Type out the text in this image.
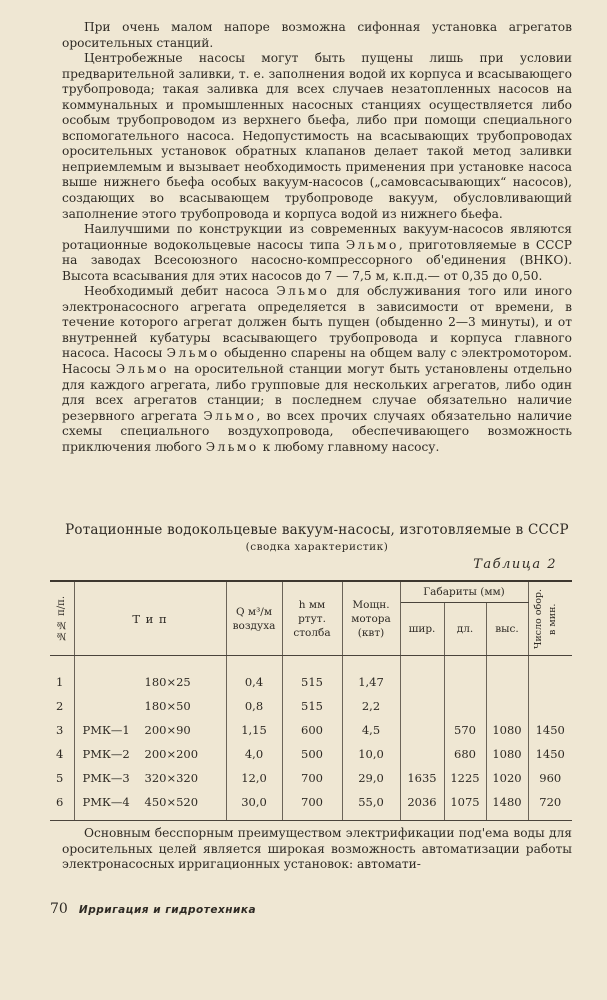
При очень малом напоре возможна сифонная установка агрегатов оросительных станций.

Центробежные насосы могут быть пущены лишь при условии предварительной заливки, т. е. заполнения водой их корпуса и всасывающего трубопровода; такая заливка для всех случаев незатопленных насосов на коммунальных и промышленных насосных станциях осуществляется либо особым трубопроводом из верхнего бьефа, либо при помощи специального вспомогательного насоса. Недопустимость на всасывающих трубопроводах оросительных установок обратных клапанов делает такой метод заливки неприемлемым и вызывает необходимость применения при установке насоса выше нижнего бьефа особых вакуум-насосов („самовсасывающих“ насосов), создающих во всасывающем трубопроводе вакуум, обусловливающий заполнение этого трубопровода и корпуса водой из нижнего бьефа.

Наилучшими по конструкции из современных вакуум-насосов являются ротационные водокольцевые насосы типа Эльмо, приготовляемые в СССР на заводах Всесоюзного насосно-компрессорного об'единения (ВНКО). Высота всасывания для этих насосов до 7 — 7,5 м, к.п.д.— от 0,35 до 0,50.

Необходимый дебит насоса Эльмо для обслуживания того или иного электронасосного агрегата определяется в зависимости от времени, в течение которого агрегат должен быть пущен (обыденно 2—3 минуты), и от внутренней кубатуры всасывающего трубопровода и корпуса главного насоса. Насосы Эльмо обыденно спарены на общем валу с электромотором. Насосы Эльмо на оросительной станции могут быть установлены отдельно для каждого агрегата, либо групповые для нескольких агрегатов, либо один для всех агрегатов станции; в последнем случае обязательно наличие резервного агрегата Эльмо, во всех прочих случаях обязательно наличие схемы специального воздухопровода, обеспечивающего возможность приключения любого Эльмо к любому главному насосу.

Ротационные водокольцевые вакуум-насосы, изготовляемые в СССР
(сводка характеристик)
Таблица 2
№№ п/п.	Т и п	Q м³/м воздуха	h мм ртут. столба	Мощн. мотора (квт)	Габариты (мм)			Число обор. в мин.

					шир.	дл.	выс.	
1	180×25	0,4	515	1,47				
2	180×50	0,8	515	2,2				
3	РМК—1 200×90	1,15	600	4,5		570	1080	1450
4	РМК—2 200×200	4,0	500	10,0		680	1080	1450
5	РМК—3 320×320	12,0	700	29,0	1635	1225	1020	960
6	РМК—4 450×520	30,0	700	55,0	2036	1075	1480	720

Основным бесспорным преимуществом электрификации под'ема воды для оросительных целей является широкая возможность автоматизации работы электронасосных ирригационных установок: автомати-

70 Ирригация и гидротехника
